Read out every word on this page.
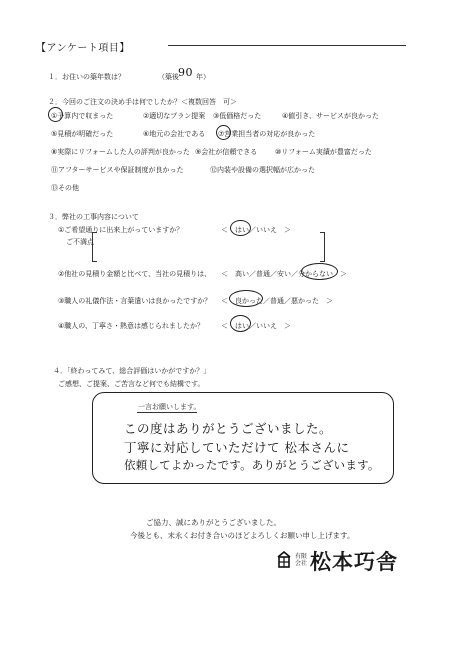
【アンケート項目】
１．お住いの築年数は？	（築後 90 年）
２．今回のご注文の決め手は何でしたか？＜複数回答　可＞
①予算内で収まった	②適切なプラン提案 ③低価格だった	④値引き、サービスが良かった
⑤見積が明確だった	⑥地元の会社である ⑦営業担当者の対応が良かった
⑧実際にリフォームした人の評判が良かった ⑨会社が信頼できる	⑩リフォーム実績が豊富だった
⑪アフターサービスや保証制度が良かった	⑫内装や設備の選択幅が広かった
⑬その他
３．弊社の工事内容について
①ご希望通りに出来上がっていますか？	＜　はい／いいえ　＞
ご不満点
②他社の見積り金額と比べて、当社の見積りは、 ＜　高い／普通／安い／分からない　＞
③職人の礼儀作法・言葉遣いは良かったですか？ ＜　良かった／普通／悪かった　＞
④職人の、丁寧さ・熱意は感じられましたか？ ＜　はい／いいえ　＞
４．「終わってみて、総合評価はいかがですか？」
ご感想、ご提案、ご苦言など何でも結構です。
一言お願いします。
この度はありがとうございました。
丁寧に対応していただけて 松本さんに
依頼してよかったです。ありがとうございます。
ご協力、誠にありがとうございました。
今後とも、末永くお付き合いのほどよろしくお願い申し上げます。
有限会社 松本巧舎
